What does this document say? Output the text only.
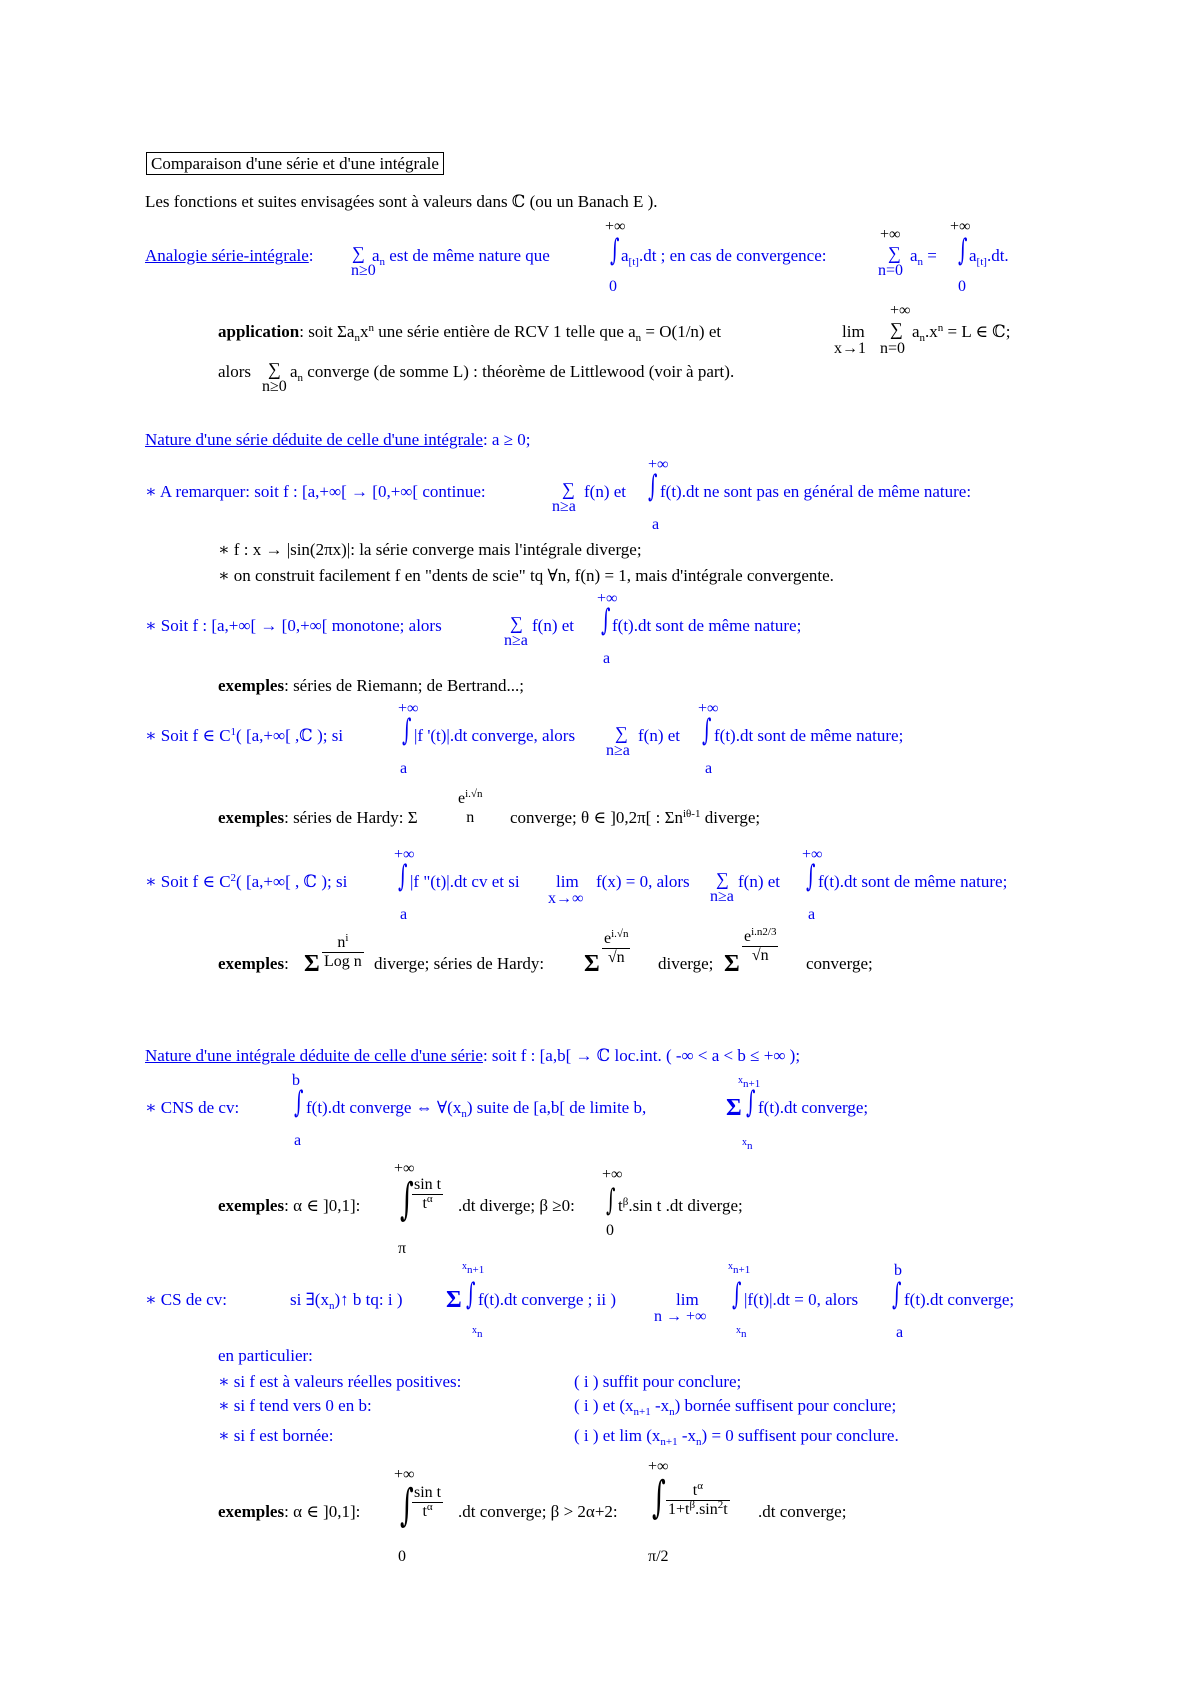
Comparaison d'une série et d'une intégrale
Les fonctions et suites envisagées sont à valeurs dans ℂ (ou un Banach E ).
+∞	+∞	+∞
Analogie série-intégrale: ∑
n≥0
$a_n$ est de même nature que ∫ $a_{[t]}.dt$ ; en cas de convergence:	∑
n=0
$a_n$ = ∫ $a_{[t]}.dt$.
0	0
+∞
application: soit $\Sigma a_nx^n$ une série entière de RCV 1 telle que $a_n = O(1/n)$ et	lim
x→1
∑
n=0
$a_n.x^n = L$ ∈ ℂ;
alors ∑
n≥0
$a_n$ converge (de somme L) : théorème de Littlewood (voir à part).
Nature d'une série déduite de celle d'une intégrale: a ≥ 0;
+∞
∗ A remarquer: soit f : [a,+∞[ → [0,+∞[ continue:	∑
n≥a
f(n) et ∫ f(t).dt ne sont pas en général de même nature:
a
∗ f : x → |sin(2πx)|: la série converge mais l'intégrale diverge;
∗ on construit facilement f en "dents de scie" tq ∀n, f(n) = 1, mais d'intégrale convergente.
+∞
∗ Soit f : [a,+∞[ → [0,+∞[ monotone; alors	∑
n≥a
f(n) et ∫ f(t).dt sont de même nature;
a
exemples: séries de Riemann; de Bertrand...;
+∞	+∞
∗ Soit f ∈ $C^1$( [a,+∞[ ,ℂ ); si ∫ |f '(t)|.dt converge, alors ∑
n≥a
f(n) et ∫ f(t).dt sont de même nature;
a	a
exemples: séries de Hardy: Σ
$e^{i.√n}$
n	converge; θ ∈ ]0,2π[ : $\Sigma n^{i\theta-1}$ diverge;
+∞	+∞
∗ Soit f ∈ $C^2$( [a,+∞[ , ℂ ); si ∫ |f "(t)|.dt cv et si lim
x→∞
f(x) = 0, alors ∑
n≥a
f(n) et ∫ f(t).dt sont de même nature;
a	a
exemples: Σ
$n^i$
Log n diverge; séries de Hardy: Σ $\frac{e^{i.√n}}{√n}$ diverge; Σ $\frac{e^{i.n2/3}}{√n}$ converge;
Nature d'une intégrale déduite de celle d'une série: soit f : [a,b[ → ℂ loc.int. ( -∞ < a < b ≤ +∞ );
b	$x_{n+1}$
∗ CNS de cv: ∫ f(t).dt converge ⇔ $\forall(x_n)$ suite de [a,b[ de limite b,	Σ ∫ f(t).dt converge;
a	$x_n$
+∞	+∞
exemples: α ∈ ]0,1]: ∫
$\frac{\text{sin t}}{t^\alpha} .dt$ diverge; β ≥0: ∫ $t^\beta.\sin$ t .dt diverge;
0
π
$x_{n+1}$	$x_{n+1}$	b
∗ CS de cv:	si $\exists(x_n)↑$ b tq: i ) Σ ∫ f(t).dt converge ; ii )	lim
n → +∞
∫ |f(t)|.dt = 0, alors ∫ f(t).dt converge;
$x_n$	$x_n$	a
en particulier:
∗ si f est à valeurs réelles positives:	( i ) suffit pour conclure;
∗ si f tend vers 0 en b:	( i ) et ($x_{n+1}$ $-x_n$) bornée suffisent pour conclure;
∗ si f est bornée:	( i ) et $\lim (x_{n+1}$ $-x_n) = 0$ suffisent pour conclure.
+∞	+∞
exemples: α ∈ ]0,1]: ∫
$\frac{\text{sin t}}{t^\alpha} .dt$ converge; β > 2α+2: ∫ $\frac{t^\alpha}{1+t^\beta.\sin^2t} .dt$ converge;
0	π/2
